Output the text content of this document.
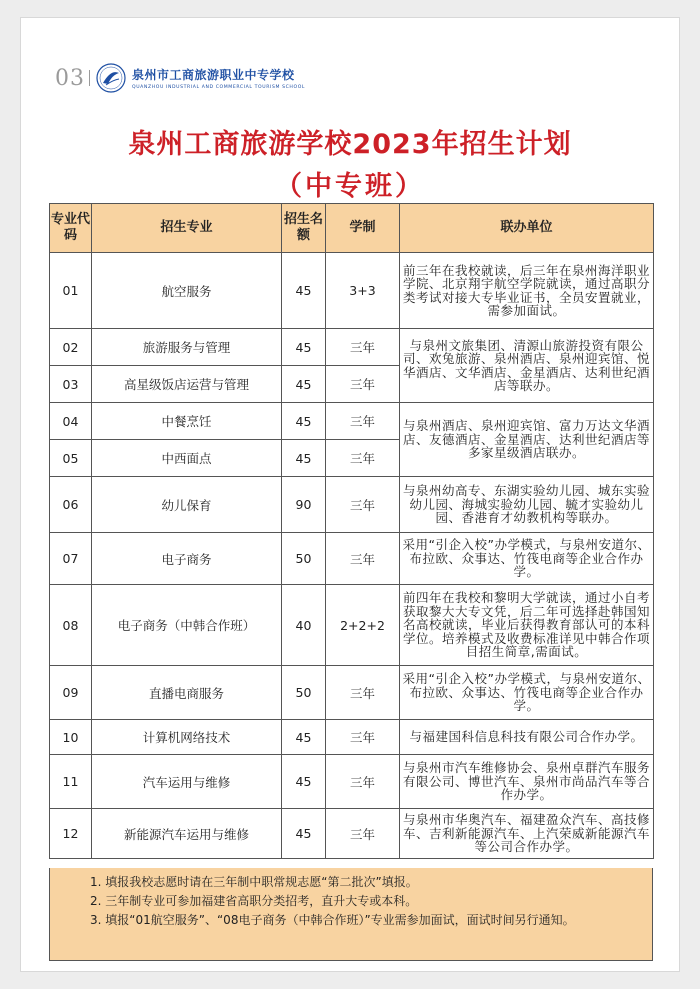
03	泉州市工商旅游职业中专学校
QUANZHOU INDUSTRIAL AND COMMERCIAL TOURISM SCHOOL
泉州工商旅游学校2023年招生计划
（中专班）
专业代码	招生专业	招生名额	学制	联办单位
01	航空服务	45	3+3	前三年在我校就读，后三年在泉州海洋职业学院、北京翔宇航空学院就读，通过高职分类考试对接大专毕业证书，全员安置就业，需参加面试。
02	旅游服务与管理	45	三年	与泉州文旅集团、清源山旅游投资有限公司、欢兔旅游、泉州酒店、泉州迎宾馆、悦华酒店、文华酒店、金星酒店、达利世纪酒店等联办。
03	高星级饭店运营与管理	45	三年	
04	中餐烹饪	45	三年	与泉州酒店、泉州迎宾馆、富力万达文华酒店、友德酒店、金星酒店、达利世纪酒店等多家星级酒店联办。
05	中西面点	45	三年	
06	幼儿保育	90	三年	与泉州幼高专、东湖实验幼儿园、城东实验幼儿园、海城实验幼儿园、毓才实验幼儿园、香港育才幼教机构等联办。
07	电子商务	50	三年	采用“引企入校”办学模式，与泉州安道尔、布拉欧、众事达、竹筏电商等企业合作办学。
08	电子商务（中韩合作班）	40	2+2+2	前四年在我校和黎明大学就读，通过小自考获取黎大大专文凭，后二年可选择赴韩国知名高校就读，毕业后获得教育部认可的本科学位。培养模式及收费标准详见中韩合作项目招生简章,需面试。
09	直播电商服务	50	三年	采用“引企入校”办学模式，与泉州安道尔、布拉欧、众事达、竹筏电商等企业合作办学。
10	计算机网络技术	45	三年	与福建国科信息科技有限公司合作办学。
11	汽车运用与维修	45	三年	与泉州市汽车维修协会、泉州卓群汽车服务有限公司、博世汽车、泉州市尚品汽车等合作办学。
12	新能源汽车运用与维修	45	三年	与泉州市华奥汽车、福建盈众汽车、高技修车、吉利新能源汽车、上汽荣威新能源汽车等公司合作办学。
1. 填报我校志愿时请在三年制中职常规志愿“第二批次”填报。
2. 三年制专业可参加福建省高职分类招考，直升大专或本科。
3. 填报“01航空服务”、“08电子商务（中韩合作班）”专业需参加面试，面试时间另行通知。
